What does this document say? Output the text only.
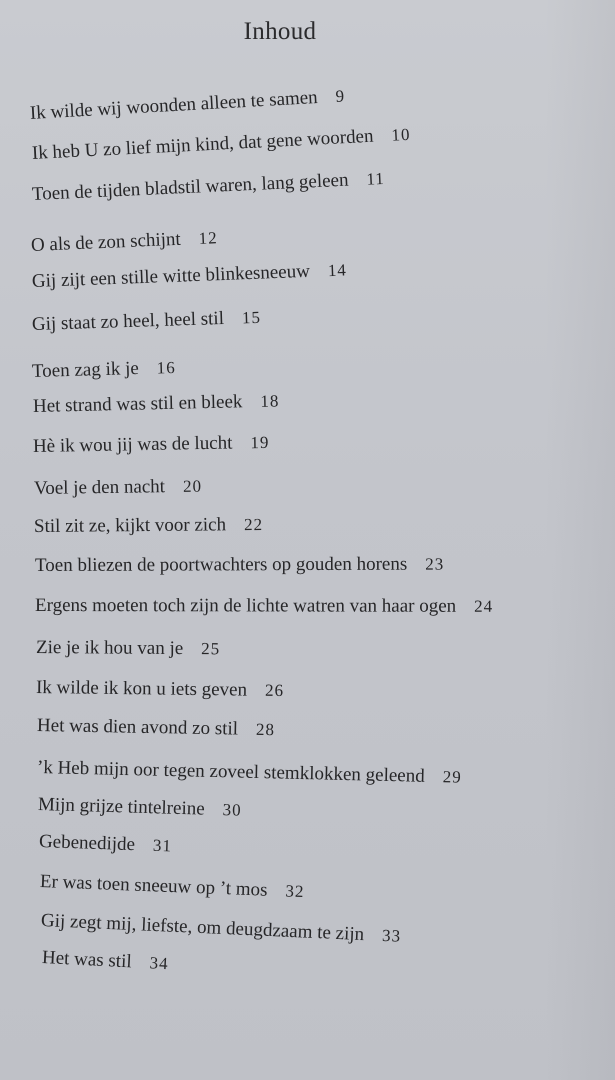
Inhoud
Ik wilde wij woonden alleen te samen 9
Ik heb U zo lief mijn kind, dat gene woorden 10
Toen de tijden bladstil waren, lang geleen 11
O als de zon schijnt 12
Gij zijt een stille witte blinkesneeuw 14
Gij staat zo heel, heel stil 15
Toen zag ik je 16
Het strand was stil en bleek 18
Hè ik wou jij was de lucht 19
Voel je den nacht 20
Stil zit ze, kijkt voor zich 22
Toen bliezen de poortwachters op gouden horens 23
Ergens moeten toch zijn de lichte watren van haar ogen 24
Zie je ik hou van je 25
Ik wilde ik kon u iets geven 26
Het was dien avond zo stil 28
’k Heb mijn oor tegen zoveel stemklokken geleend 29
Mijn grijze tintelreine 30
Gebenedijde 31
Er was toen sneeuw op ’t mos 32
Gij zegt mij, liefste, om deugdzaam te zijn 33
Het was stil 34
